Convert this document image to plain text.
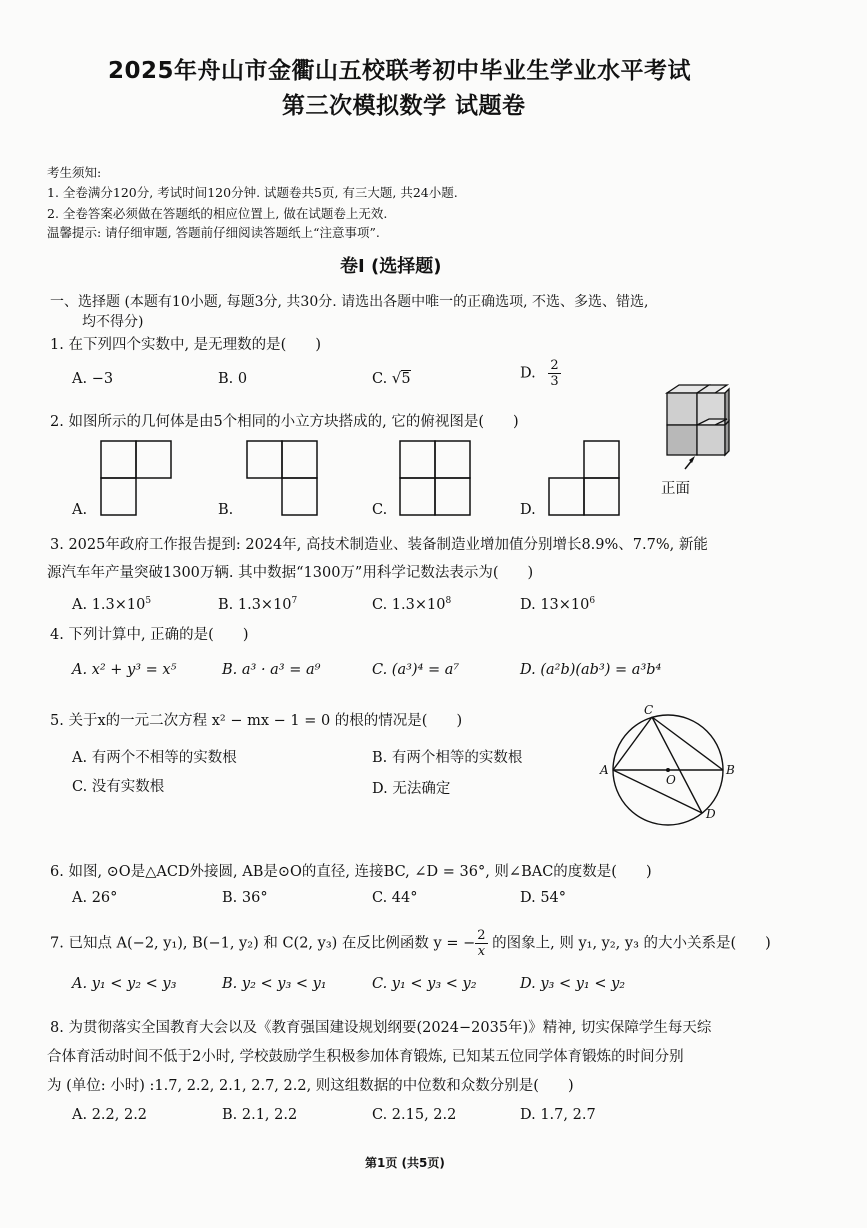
2025年舟山市金衢山五校联考初中毕业生学业水平考试
第三次模拟数学 试题卷
考生须知:
1. 全卷满分120分, 考试时间120分钟. 试题卷共5页, 有三大题, 共24小题.
2. 全卷答案必须做在答题纸的相应位置上, 做在试题卷上无效.
温馨提示: 请仔细审题, 答题前仔细阅读答题纸上“注意事项”.
卷I (选择题)
一、选择题 (本题有10小题, 每题3分, 共30分. 请选出各题中唯一的正确选项, 不选、多选、错选,
均不得分)
1. 在下列四个实数中, 是无理数的是(　　)
A. −3	B. 0	C. √5	D. $\frac{2}{3}$
2. 如图所示的几何体是由5个相同的小立方块搭成的, 它的俯视图是(　　)
A.	B.	C.	D.
正面
3. 2025年政府工作报告提到: 2024年, 高技术制造业、装备制造业增加值分别增长8.9%、7.7%, 新能
源汽车年产量突破1300万辆. 其中数据“1300万”用科学记数法表示为(　　)
A. $1.3\times 10^5$	B. $1.3\times 10^7$	C. $1.3\times 10^8$	D. $13\times 10^6$
4. 下列计算中, 正确的是(　　)
A. x² + y³ = x⁵	B. a³ · a³ = a⁹	C. (a³)⁴ = a⁷	D. (a²b)(ab³) = a³b⁴
5. 关于x的一元二次方程 x² − mx − 1 = 0 的根的情况是(　　)
A. 有两个不相等的实数根	B. 有两个相等的实数根
C. 没有实数根	D. 无法确定
C
A
O
B
D
6. 如图, ⊙O是△ACD外接圆, AB是⊙O的直径, 连接BC, ∠D = 36°, 则∠BAC的度数是(　　)
A. 26°	B. 36°	C. 44°	D. 54°
7. 已知点 A(−2, y₁), B(−1, y₂) 和 C(2, y₃) 在反比例函数 y = − $\frac{2}{x}$ 的图象上, 则 y₁, y₂, y₃ 的大小关系是(　　)
A. y₁ < y₂ < y₃	B. y₂ < y₃ < y₁	C. y₁ < y₃ < y₂	D. y₃ < y₁ < y₂
8. 为贯彻落实全国教育大会以及《教育强国建设规划纲要(2024−2035年)》精神, 切实保障学生每天综
合体育活动时间不低于2小时, 学校鼓励学生积极参加体育锻炼, 已知某五位同学体育锻炼的时间分别
为 (单位: 小时) :1.7, 2.2, 2.1, 2.7, 2.2, 则这组数据的中位数和众数分别是(　　)
A. 2.2, 2.2	B. 2.1, 2.2	C. 2.15, 2.2	D. 1.7, 2.7
第1页 (共5页)
